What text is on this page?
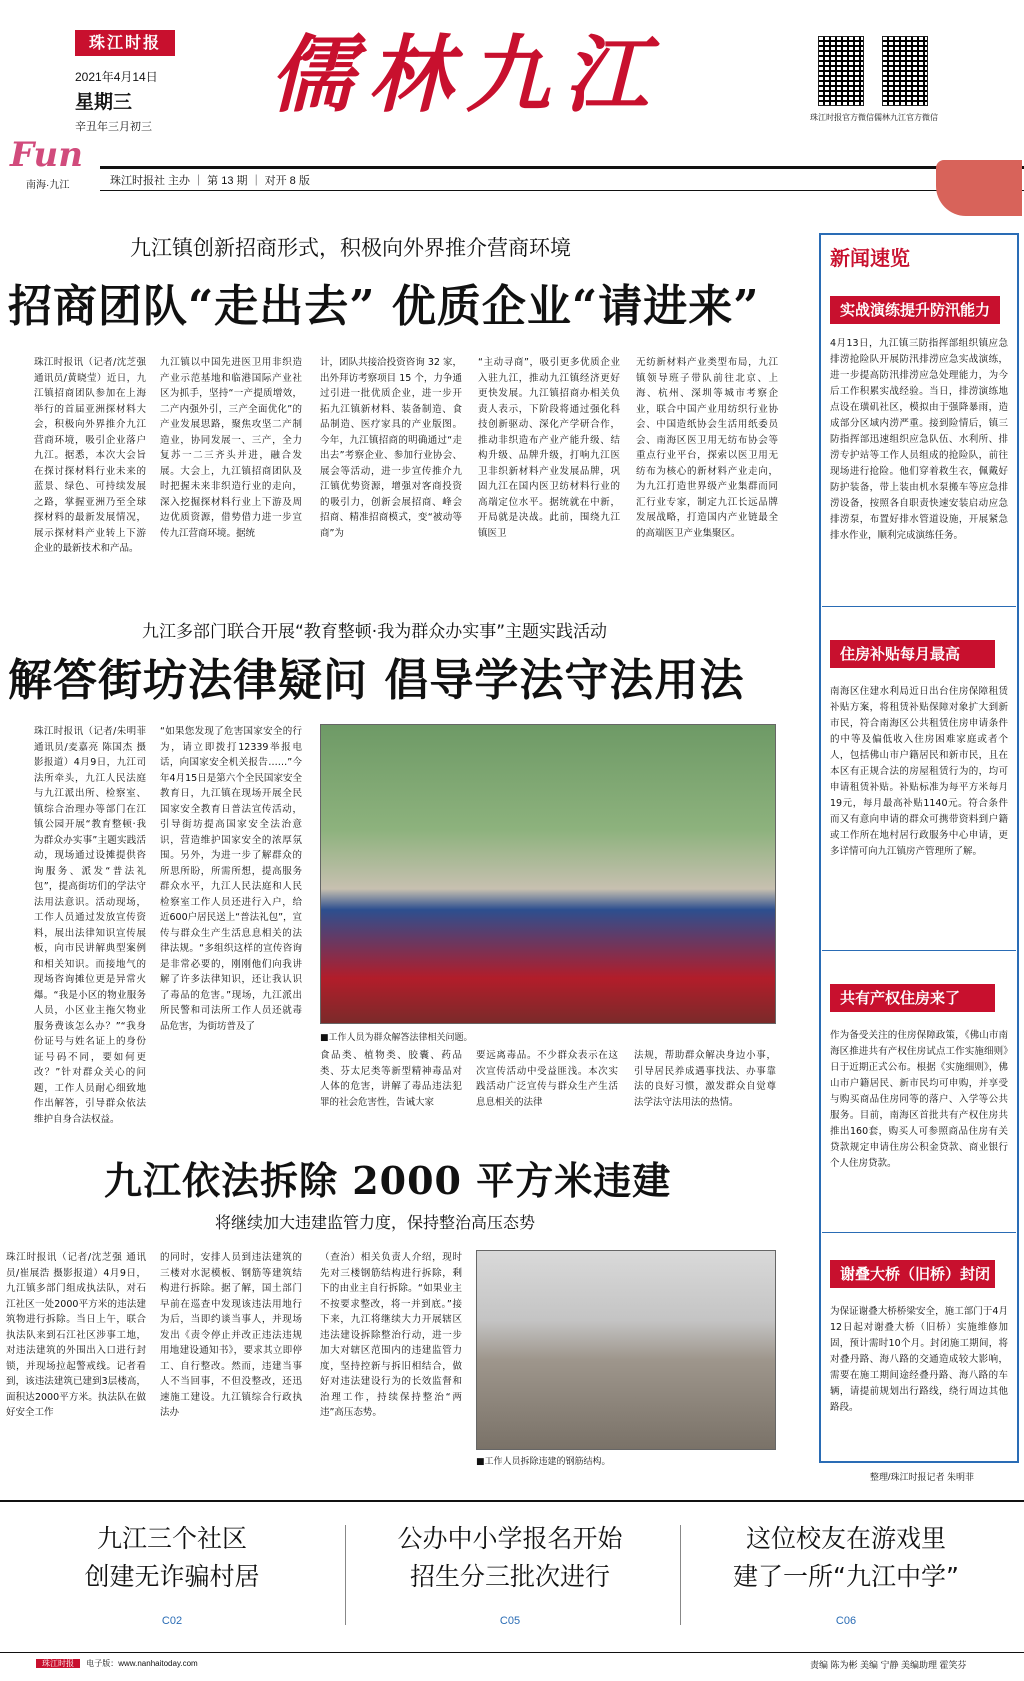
珠江时报
2021年4月14日
星期三
辛丑年三月初三
儒林九江	珠江时报官方微信 儒林九江官方微信
Fun
南海·九江	珠江时报社 主办 ｜ 第 13 期 ｜ 对开 8 版
九江镇创新招商形式，积极向外界推介营商环境
招商团队“走出去” 优质企业“请进来”
珠江时报讯（记者/沈芝强 通讯员/黄晓莹）近日，九江镇招商团队参加在上海举行的首届亚洲探材料大会，积极向外界推介九江营商环境，吸引企业落户九江。据悉，本次大会旨在探讨探材料行业未来的蓝景、绿色、可持续发展之路，掌握亚洲乃至全球探材料的最新发展情况，展示探材料产业转上下游企业的最新技术和产品。
九江镇以中国先进医卫用非织造产业示范基地和临港国际产业社区为抓手，坚持“一产提质增效，二产内强外引，三产全面优化”的产业发展思路，聚焦攻坚二产制造业，协同发展一、三产，全力复苏一二三齐头并进，融合发展。大会上，九江镇招商团队及时把握未来非织造行业的走向，深入挖掘探材料行业上下游及周边优质资源，借势借力进一步宣传九江营商环境。据统
计，团队共接洽投资咨询 32 家，出外拜访考察项目 15 个，力争通过引进一批优质企业，进一步开拓九江镇新材料、装备制造、食品制造、医疗家具的产业版图。今年，九江镇招商的明确通过“走出去”考察企业、参加行业协会、展会等活动，进一步宣传推介九江镇优势资源，增强对客商投资的吸引力，创新会展招商、峰会招商、精准招商模式，变“被动等商”为
“主动寻商”，吸引更多优质企业入驻九江，推动九江镇经济更好更快发展。九江镇招商办相关负责人表示，下阶段将通过强化科技创新驱动、深化产学研合作，推动非织造布产业产能升级、结构升级、品牌升级，打响九江医卫非织新材料产业发展品牌，巩固九江在国内医卫纺材料行业的高端定位水平。据统就在中新，开局就是决战。此前，围绕九江镇医卫
无纺新材料产业类型布局，九江镇领导班子带队前往北京、上海、杭州、深圳等城市考察企业，联合中国产业用纺织行业协会、中国造纸协会生活用纸委员会、南海区医卫用无纺布协会等重点行业平台，探索以医卫用无纺布为核心的新材料产业走向，为九江打造世界级产业集群而同汇行业专家，制定九江长远品牌发展战略，打造国内产业链最全的高端医卫产业集聚区。
九江多部门联合开展“教育整顿·我为群众办实事”主题实践活动
解答街坊法律疑问 倡导学法守法用法
珠江时报讯（记者/朱明菲 通讯员/麦嘉亮 陈国杰 摄影报道）4月9日，九江司法所牵头，九江人民法庭与九江派出所、检察室、镇综合治理办等部门在江镇公园开展“教育整顿·我为群众办实事”主题实践活动，现场通过设摊提供咨询服务、派发“普法礼包”，提高街坊们的学法守法用法意识。活动现场，工作人员通过发放宣传资料，展出法律知识宣传展板，向市民讲解典型案例和相关知识。而接地气的现场咨询摊位更是异常火爆。“我是小区的物业服务人员，小区业主拖欠物业服务费该怎么办？”“我身份证号与姓名证上的身份证号码不同，要如何更改？”针对群众关心的问题，工作人员耐心细致地作出解答，引导群众依法维护自身合法权益。
“如果您发现了危害国家安全的行为，请立即拨打12339举报电话，向国家安全机关报告……”今年4月15日是第六个全民国家安全教育日，九江镇在现场开展全民国家安全教育日普法宣传活动，引导街坊提高国家安全法治意识，营造维护国家安全的浓厚氛围。另外，为进一步了解群众的所思所盼，所需所想，提高服务群众水平，九江人民法庭和人民检察室工作人员还进行入户，给近600户居民送上“普法礼包”，宣传与群众生产生活息息相关的法律法规。“多组织这样的宣传咨询是非常必要的，刚刚他们向我讲解了许多法律知识，还让我认识了毒品的危害。”现场，九江派出所民警和司法所工作人员还就毒品危害，为街坊普及了
■工作人员为群众解答法律相关问题。
食品类、植物类、胶囊、药品类、芬太尼类等新型精神毒品对人体的危害，讲解了毒品违法犯罪的社会危害性，告诫大家
要远离毒品。不少群众表示在这次宣传活动中受益匪浅。本次实践活动广泛宣传与群众生产生活息息相关的法律
法规，帮助群众解决身边小事，引导居民养成遇事找法、办事靠法的良好习惯，激发群众自觉尊法学法守法用法的热情。
九江依法拆除 2000 平方米违建
将继续加大违建监管力度，保持整治高压态势
珠江时报讯（记者/沈芝强 通讯员/崔展浩 摄影报道）4月9日，九江镇多部门组成执法队，对石江社区一处2000平方米的违法建筑物进行拆除。当日上午，联合执法队来到石江社区涉事工地，对违法建筑的外围出入口进行封锁，并现场拉起警戒线。记者看到，该违法建筑已建到3层楼高，面积达2000平方米。执法队在做好安全工作
的同时，安排人员到违法建筑的三楼对水泥模板、钢筋等建筑结构进行拆除。据了解，国土部门早前在巡查中发现该违法用地行为后，当即约谈当事人，并现场发出《责令停止并改正违法违规用地建设通知书》，要求其立即停工、自行整改。然而，违建当事人不当回事，不但没整改，还迅速施工建设。九江镇综合行政执法办
（查治）相关负责人介绍，现时先对三楼钢筋结构进行拆除，剩下的由业主自行拆除。“如果业主不按要求整改，将一并到底。”接下来，九江将继续大力开展辖区违法建设拆除整治行动，进一步加大对辖区范围内的违建监管力度，坚持控新与拆旧相结合，做好对违法建设行为的长效监督和治理工作，持续保持整治“两违”高压态势。
■工作人员拆除违建的钢筋结构。
新闻速览
实战演练提升防汛能力
4月13日，九江镇三防指挥部组织镇应急排涝抢险队开展防汛排涝应急实战演练，进一步提高防汛排涝应急处理能力，为今后工作积累实战经验。当日，排涝演练地点设在璜矶社区，模拟由于强降暴雨，造成部分区域内涝严重。接到险情后，镇三防指挥部迅速组织应急队伍、水利所、排涝专护站等工作人员组成的抢险队，前往现场进行抢险。他们穿着救生衣，佩戴好防护装备，带上装由机水泵搬车等应急排涝设备，按照各自职责快速安装启动应急排涝泵，布置好排水管道设施，开展紧急排水作业，顺利完成演练任务。
住房补贴每月最高1140元
南海区住建水利局近日出台住房保障租赁补贴方案，将租赁补贴保障对象扩大到新市民，符合南海区公共租赁住房申请条件的中等及偏低收入住房困难家庭或者个人，包括佛山市户籍居民和新市民，且在本区有正规合法的房屋租赁行为的，均可申请租赁补贴。补贴标准为每平方米每月19元，每月最高补贴1140元。符合条件而又有意向申请的群众可携带资料到户籍或工作所在地村居行政服务中心申请，更多详情可向九江镇房产管理所了解。
共有产权住房来了
作为备受关注的住房保障政策，《佛山市南海区推进共有产权住房试点工作实施细则》日于近期正式公布。根据《实施细则》，佛山市户籍居民、新市民均可申购，并享受与购买商品住房同等的落户、入学等公共服务。目前，南海区首批共有产权住房共推出160套，购买人可参照商品住房有关贷款规定申请住房公积金贷款、商业银行个人住房贷款。
谢叠大桥（旧桥）封闭
为保证谢叠大桥桥梁安全，施工部门于4月12日起对谢叠大桥（旧桥）实施维修加固，预计需时10个月。封闭施工期间，将对叠丹路、海八路的交通造成较大影响，需要在施工期间途经叠丹路、海八路的车辆，请提前规划出行路线，绕行周边其他路段。
整理/珠江时报记者 朱明菲
九江三个社区
创建无诈骗村居
C02
公办中小学报名开始
招生分三批次进行
C05
这位校友在游戏里
建了一所“九江中学”
C06
珠江时报 电子版：www.nanhaitoday.com	责编 陈为彬 美编 宁静 美编助理 霍笑芬
